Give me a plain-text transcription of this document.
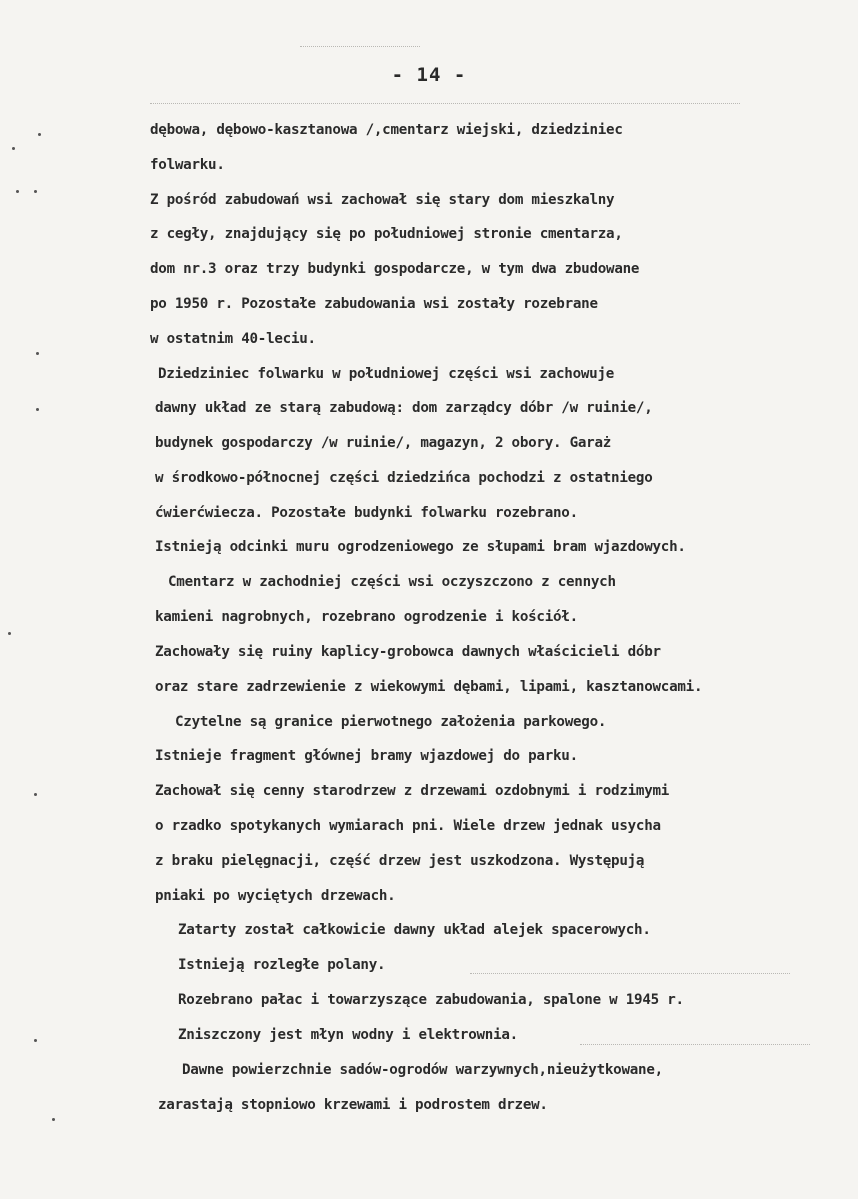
- 14 -
dębowa, dębowo-kasztanowa /,cmentarz wiejski, dziedziniec
folwarku.
Z pośród zabudowań wsi zachował się stary dom mieszkalny
z cegły, znajdujący się po południowej stronie cmentarza,
dom nr.3 oraz trzy budynki gospodarcze, w tym dwa zbudowane
po 1950 r. Pozostałe zabudowania wsi zostały rozebrane
w ostatnim 40-leciu.
Dziedziniec folwarku w południowej części wsi zachowuje
dawny układ ze starą zabudową: dom zarządcy dóbr /w ruinie/,
budynek gospodarczy /w ruinie/, magazyn, 2 obory. Garaż
w środkowo-północnej części dziedzińca pochodzi z ostatniego
ćwierćwiecza. Pozostałe budynki folwarku rozebrano.
Istnieją odcinki muru ogrodzeniowego ze słupami bram wjazdowych.
Cmentarz w zachodniej części wsi oczyszczono z cennych
kamieni nagrobnych, rozebrano ogrodzenie i kościół.
Zachowały się ruiny kaplicy-grobowca dawnych właścicieli dóbr
oraz stare zadrzewienie z wiekowymi dębami, lipami, kasztanowcami.
Czytelne są granice pierwotnego założenia parkowego.
Istnieje fragment głównej bramy wjazdowej do parku.
Zachował się cenny starodrzew z drzewami ozdobnymi i rodzimymi
o rzadko spotykanych wymiarach pni. Wiele drzew jednak usycha
z braku pielęgnacji, część drzew jest uszkodzona. Występują
pniaki po wyciętych drzewach.
Zatarty został całkowicie dawny układ alejek spacerowych.
Istnieją rozległe polany.
Rozebrano pałac i towarzyszące zabudowania, spalone w 1945 r.
Zniszczony jest młyn wodny i elektrownia.
Dawne powierzchnie sadów-ogrodów warzywnych,nieużytkowane,
zarastają stopniowo krzewami i podrostem drzew.
